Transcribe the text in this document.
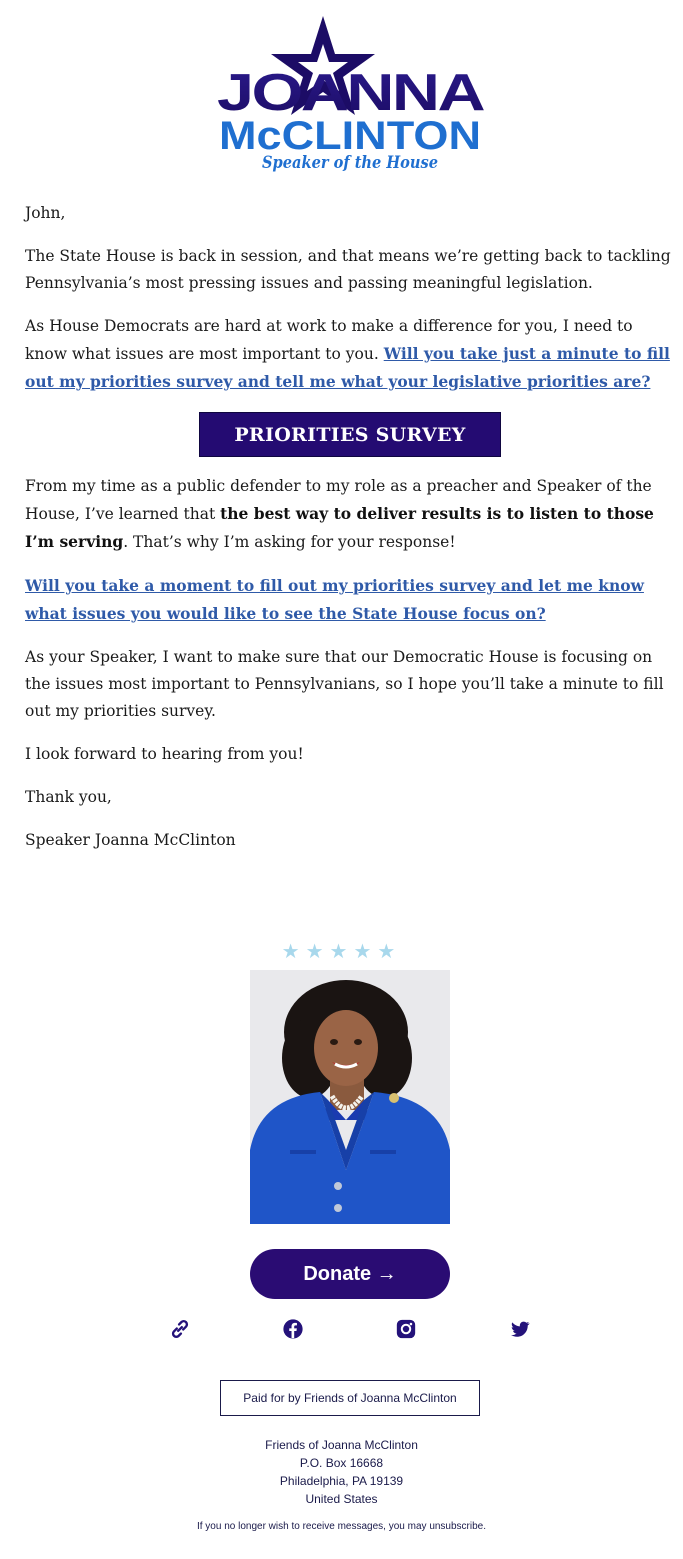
JOANNA
McCLINTON
Speaker of the House

John,

The State House is back in session, and that means we’re getting back to tackling Pennsylvania’s most pressing issues and passing meaningful legislation.

As House Democrats are hard at work to make a difference for you, I need to know what issues are most important to you. Will you take just a minute to fill out my priorities survey and tell me what your legislative priorities are?

PRIORITIES SURVEY

From my time as a public defender to my role as a preacher and Speaker of the House, I’ve learned that the best way to deliver results is to listen to those I’m serving. That’s why I’m asking for your response!

Will you take a moment to fill out my priorities survey and let me know what issues you would like to see the State House focus on?

As your Speaker, I want to make sure that our Democratic House is focusing on the issues most important to Pennsylvanians, so I hope you’ll take a minute to fill out my priorities survey.

I look forward to hearing from you!

Thank you,

Speaker Joanna McClinton

★★★★★
Donate →
Paid for by Friends of Joanna McClinton
Friends of Joanna McClinton
P.O. Box 16668
Philadelphia, PA 19139
United States
If you no longer wish to receive messages, you may unsubscribe.
